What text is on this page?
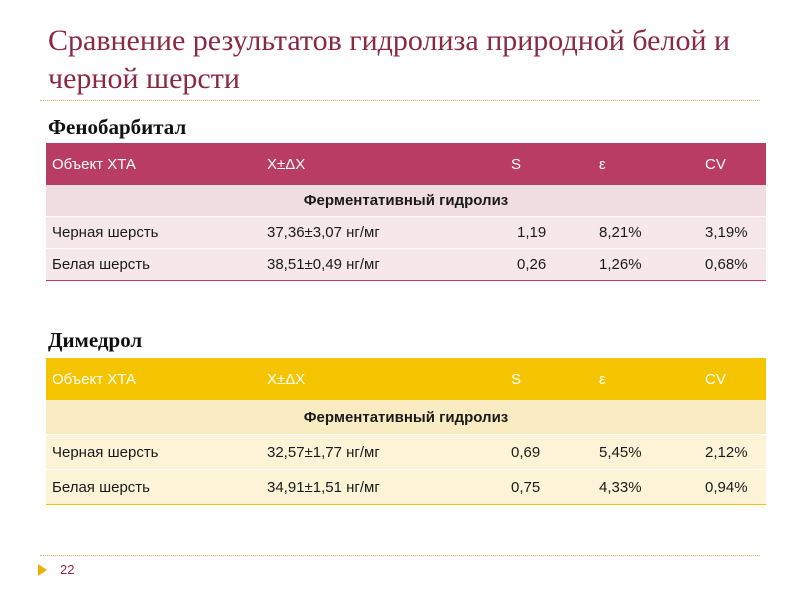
Сравнение результатов гидролиза природной белой и черной шерсти
Фенобарбитал
Объект ХТА	X±ΔX	S	ε	CV
Ферментативный гидролиз				
Черная шерсть	37,36±3,07 нг/мг	1,19	8,21%	3,19%
Белая шерсть	38,51±0,49 нг/мг	0,26	1,26%	0,68%
Димедрол
Объект ХТА	X±ΔX	S	ε	CV
Ферментативный гидролиз				
Черная шерсть	32,57±1,77 нг/мг	0,69	5,45%	2,12%
Белая шерсть	34,91±1,51 нг/мг	0,75	4,33%	0,94%
22
